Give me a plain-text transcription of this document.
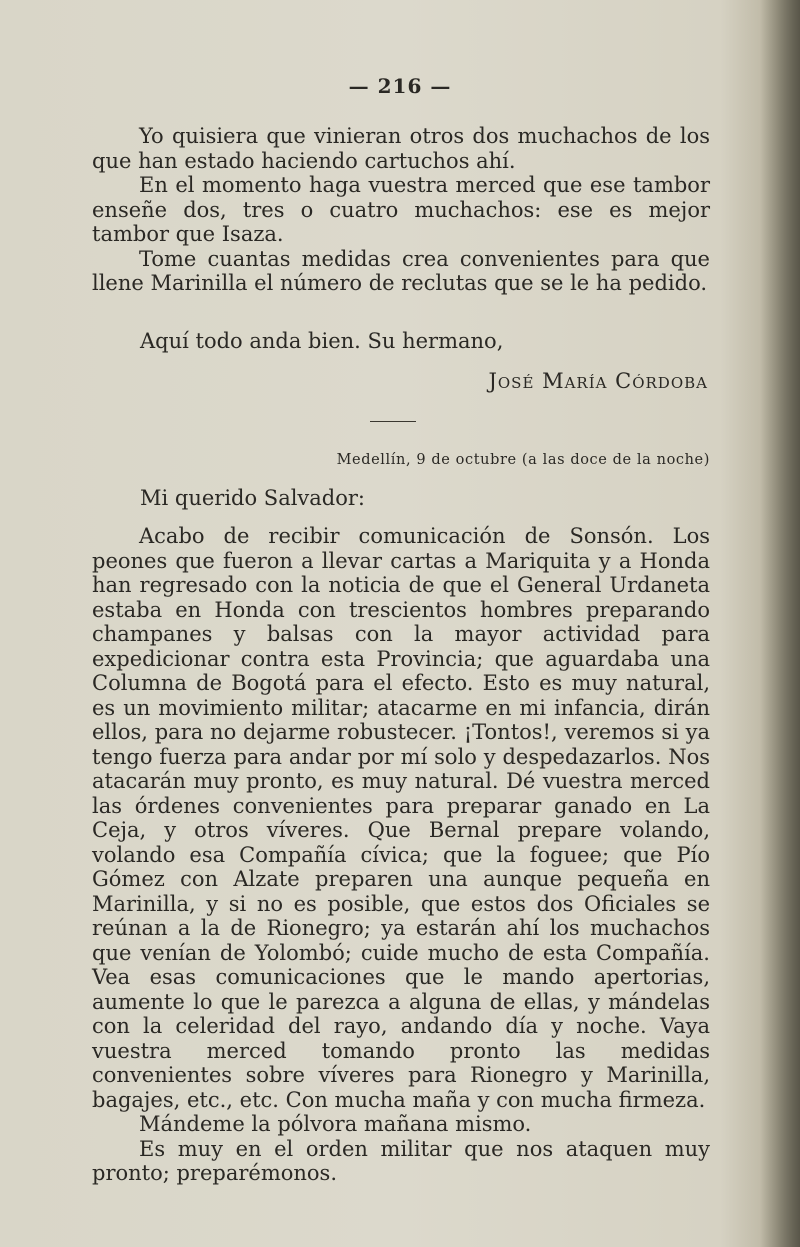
— 216 —

Yo quisiera que vinieran otros dos muchachos de los que han estado haciendo cartuchos ahí.

En el momento haga vuestra merced que ese tambor enseñe dos, tres o cuatro muchachos: ese es mejor tambor que Isaza.

Tome cuantas medidas crea convenientes para que llene Marinilla el número de reclutas que se le ha pedido.

Aquí todo anda bien. Su hermano,
José María Córdoba
Medellín, 9 de octubre (a las doce de la noche)
Mi querido Salvador:

Acabo de recibir comunicación de Sonsón. Los peones que fueron a llevar cartas a Mariquita y a Honda han regresado con la noticia de que el General Urdaneta estaba en Honda con trescientos hombres preparando champanes y balsas con la mayor actividad para expedicionar contra esta Provincia; que aguardaba una Columna de Bogotá para el efecto. Esto es muy natural, es un movimiento militar; atacarme en mi infancia, dirán ellos, para no dejarme robustecer. ¡Tontos!, veremos si ya tengo fuerza para andar por mí solo y despedazarlos. Nos atacarán muy pronto, es muy natural. Dé vuestra merced las órdenes convenientes para preparar ganado en La Ceja, y otros víveres. Que Bernal prepare volando, volando esa Compañía cívica; que la foguee; que Pío Gómez con Alzate preparen una aunque pequeña en Marinilla, y si no es posible, que estos dos Oficiales se reúnan a la de Rionegro; ya estarán ahí los muchachos que venían de Yolombó; cuide mucho de esta Compañía. Vea esas comunicaciones que le mando apertorias, aumente lo que le parezca a alguna de ellas, y mándelas con la celeridad del rayo, andando día y noche. Vaya vuestra merced tomando pronto las medidas convenientes sobre víveres para Rionegro y Marinilla, bagajes, etc., etc. Con mucha maña y con mucha firmeza.

Mándeme la pólvora mañana mismo.

Es muy en el orden militar que nos ataquen muy pronto; preparémonos.
